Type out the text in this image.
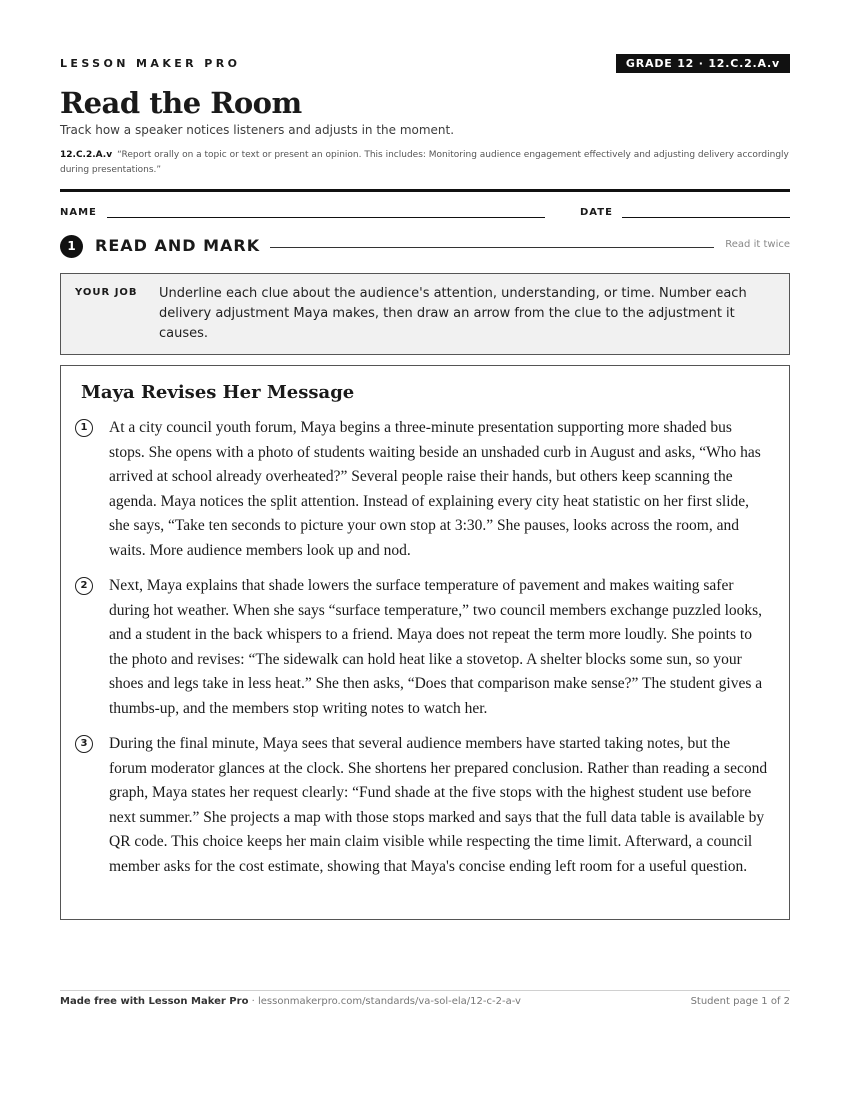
LESSON MAKER PRO	GRADE 12 · 12.C.2.A.v
Read the Room
Track how a speaker notices listeners and adjusts in the moment.
12.C.2.A.v “Report orally on a topic or text or present an opinion. This includes: Monitoring audience engagement effectively and adjusting delivery accordingly during presentations.”
NAME	DATE
1	READ AND MARK	Read it twice
YOUR JOB Underline each clue about the audience's attention, understanding, or time. Number each delivery adjustment Maya makes, then draw an arrow from the clue to the adjustment it causes.
Maya Revises Her Message
1	At a city council youth forum, Maya begins a three-minute presentation supporting more shaded bus stops. She opens with a photo of students waiting beside an unshaded curb in August and asks, “Who has arrived at school already overheated?” Several people raise their hands, but others keep scanning the agenda. Maya notices the split attention. Instead of explaining every city heat statistic on her first slide, she says, “Take ten seconds to picture your own stop at 3:30.” She pauses, looks across the room, and waits. More audience members look up and nod.
2	Next, Maya explains that shade lowers the surface temperature of pavement and makes waiting safer during hot weather. When she says “surface temperature,” two council members exchange puzzled looks, and a student in the back whispers to a friend. Maya does not repeat the term more loudly. She points to the photo and revises: “The sidewalk can hold heat like a stovetop. A shelter blocks some sun, so your shoes and legs take in less heat.” She then asks, “Does that comparison make sense?” The student gives a thumbs-up, and the members stop writing notes to watch her.
3	During the final minute, Maya sees that several audience members have started taking notes, but the forum moderator glances at the clock. She shortens her prepared conclusion. Rather than reading a second graph, Maya states her request clearly: “Fund shade at the five stops with the highest student use before next summer.” She projects a map with those stops marked and says that the full data table is available by QR code. This choice keeps her main claim visible while respecting the time limit. Afterward, a council member asks for the cost estimate, showing that Maya's concise ending left room for a useful question.
Made free with Lesson Maker Pro · lessonmakerpro.com/standards/va-sol-ela/12-c-2-a-v	Student page 1 of 2
